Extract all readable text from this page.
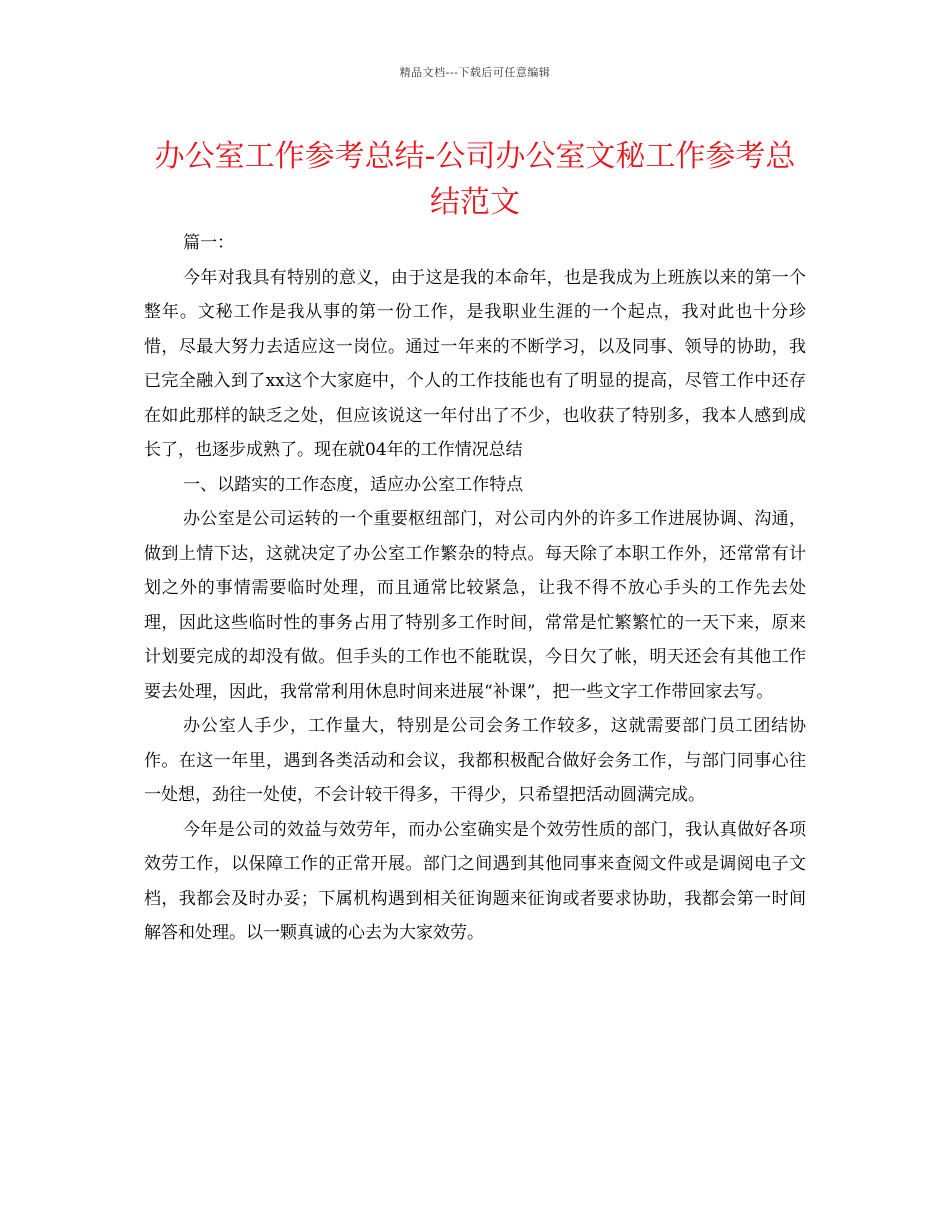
精品文档---下载后可任意编辑
办公室工作参考总结-公司办公室文秘工作参考总结范文

篇一：

今年对我具有特别的意义，由于这是我的本命年，也是我成为上班族以来的第一个整年。文秘工作是我从事的第一份工作，是我职业生涯的一个起点，我对此也十分珍惜，尽最大努力去适应这一岗位。通过一年来的不断学习，以及同事、领导的协助，我已完全融入到了xx这个大家庭中，个人的工作技能也有了明显的提高，尽管工作中还存在如此那样的缺乏之处，但应该说这一年付出了不少，也收获了特别多，我本人感到成长了，也逐步成熟了。现在就04年的工作情况总结

一、以踏实的工作态度，适应办公室工作特点

办公室是公司运转的一个重要枢纽部门，对公司内外的许多工作进展协调、沟通，做到上情下达，这就决定了办公室工作繁杂的特点。每天除了本职工作外，还常常有计划之外的事情需要临时处理，而且通常比较紧急，让我不得不放心手头的工作先去处理，因此这些临时性的事务占用了特别多工作时间，常常是忙繁繁忙的一天下来，原来计划要完成的却没有做。但手头的工作也不能耽误，今日欠了帐，明天还会有其他工作要去处理，因此，我常常利用休息时间来进展“补课”，把一些文字工作带回家去写。

办公室人手少，工作量大，特别是公司会务工作较多，这就需要部门员工团结协作。在这一年里，遇到各类活动和会议，我都积极配合做好会务工作，与部门同事心往一处想，劲往一处使，不会计较干得多，干得少，只希望把活动圆满完成。

今年是公司的效益与效劳年，而办公室确实是个效劳性质的部门，我认真做好各项效劳工作，以保障工作的正常开展。部门之间遇到其他同事来查阅文件或是调阅电子文档，我都会及时办妥；下属机构遇到相关征询题来征询或者要求协助，我都会第一时间解答和处理。以一颗真诚的心去为大家效劳。
